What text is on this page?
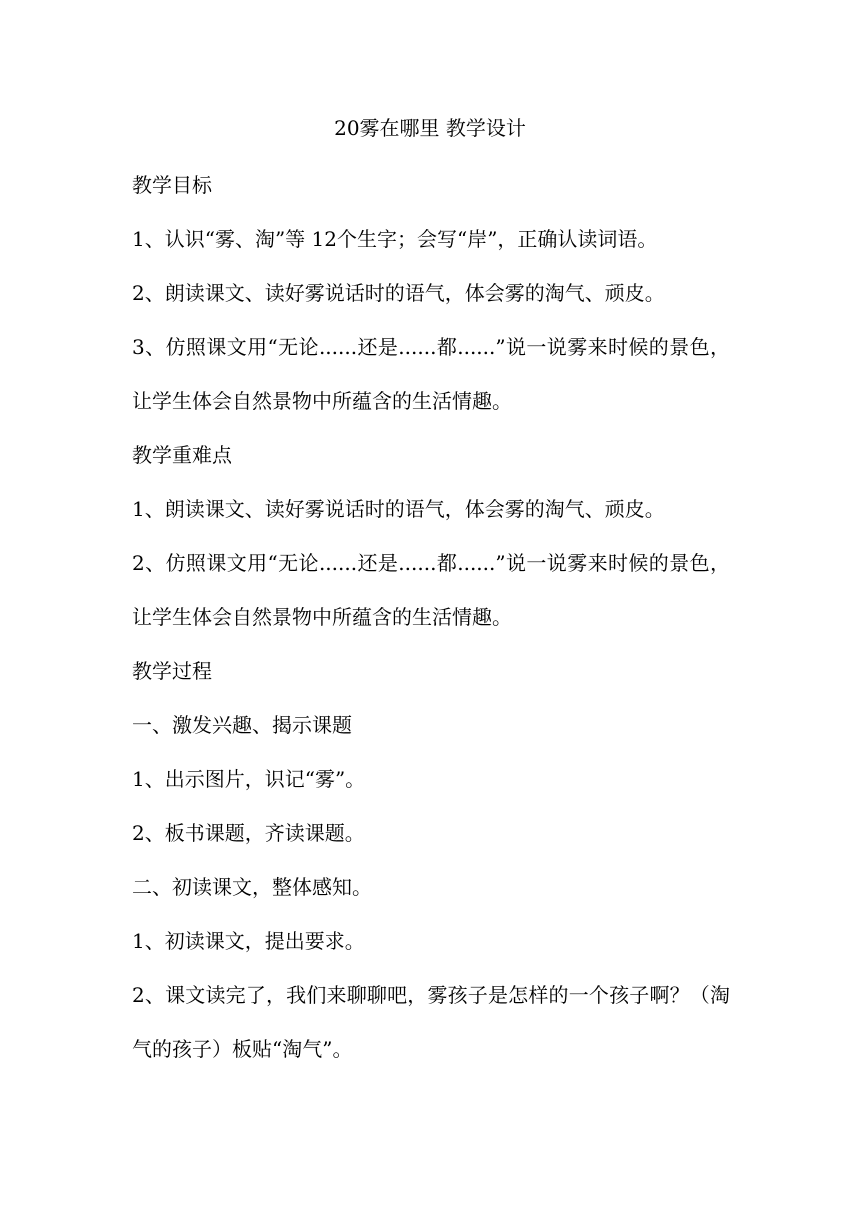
20雾在哪里 教学设计
教学目标
1、认识“雾、淘”等 12个生字；会写“岸”，正确认读词语。
2、朗读课文、读好雾说话时的语气，体会雾的淘气、顽皮。
3、仿照课文用“无论......还是......都......”说一说雾来时候的景色，让学生体会自然景物中所蕴含的生活情趣。
教学重难点
1、朗读课文、读好雾说话时的语气，体会雾的淘气、顽皮。
2、仿照课文用“无论......还是......都......”说一说雾来时候的景色，让学生体会自然景物中所蕴含的生活情趣。
教学过程
一、激发兴趣、揭示课题
1、出示图片，识记“雾”。
2、板书课题，齐读课题。
二、初读课文，整体感知。
1、初读课文，提出要求。
2、课文读完了，我们来聊聊吧，雾孩子是怎样的一个孩子啊？（淘气的孩子）板贴“淘气”。
